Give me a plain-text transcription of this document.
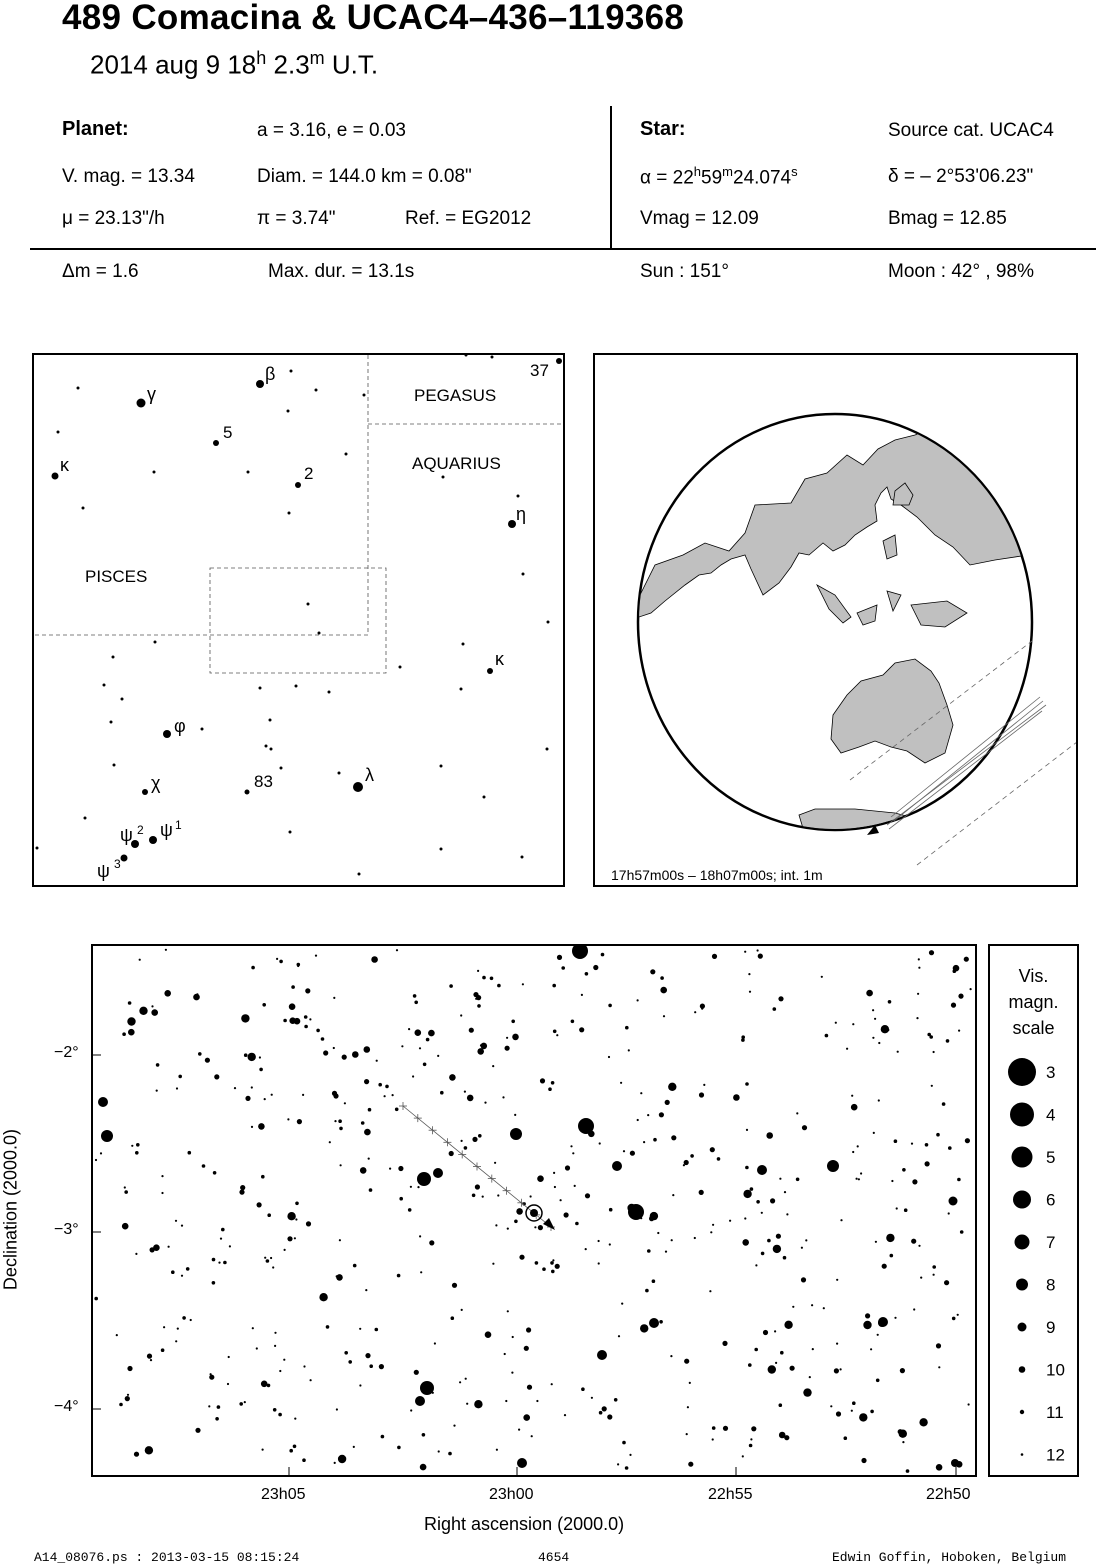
489 Comacina & UCAC4–436–119368
2014 aug 9 18$^h$ 2.3$^m$ U.T.
Planet:	a = 3.16, e = 0.03
V. mag. = 13.34	Diam. = 144.0 km = 0.08"
μ = 23.13"/h	π = 3.74"	Ref. = EG2012
Star:	Source cat. UCAC4
$\alpha = 22^h59^m24.074^s$	δ = – 2°53'06.23"
Vmag = 12.09	Bmag = 12.85
Δm = 1.6	Max. dur. = 13.1s	Sun : 151°	Moon : 42° , 98%
PEGASUS
AQUARIUS
PISCES
γ
β	37
5
κ	2
η
κ
φ
χ	83	λ
ψ 2 ψ 1
ψ 3
17h57m00s – 18h07m00s; int. 1m
−2°
−3°
−4°
23h05	23h00	22h55	22h50
Right ascension (2000.0)
Declination (2000.0)
Vis.
magn.
scale
3
4
5
6
7
8
9
10
11
12
A14_08076.ps : 2013-03-15 08:15:24	4654	Edwin Goffin, Hoboken, Belgium
